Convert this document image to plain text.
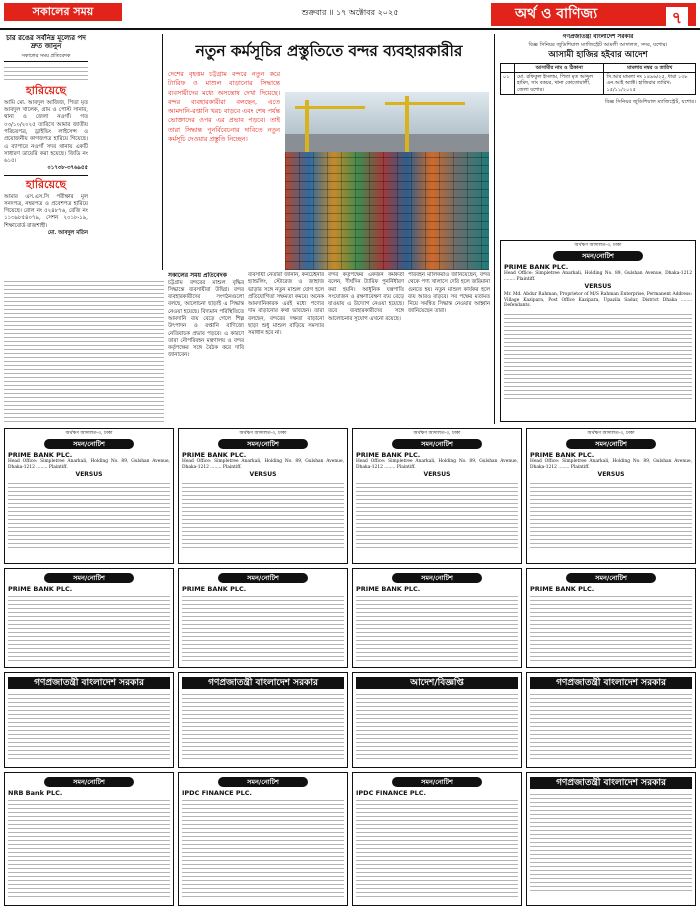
সকালের সময়	শুক্রবার ॥ ১৭ অক্টোবর ২০২৫	অর্থ ও বাণিজ্য	৭
চার রঙের সর্বনিম্ন মূল্যের পদ দ্রুত জানুন
সকালের সময় প্রতিবেদক
হারিয়েছে
আমি মো. আবদুল আজিজ, পিতা মৃত আবদুল খালেক, গ্রাম ও পোস্ট সানার, থানা ও জেলা নওগাঁ। গত ০৩/১০/২০২৫ তারিখে আমার জাতীয় পরিচয়পত্র, ড্রাইভিং লাইসেন্স ও প্রয়োজনীয় কাগজপত্র হারিয়ে গিয়েছে। এ ব্যাপারে নওগাঁ সদর থানায় একটি সাধারণ ডায়েরি করা হয়েছে। জিডি নং ৬১৫।
০১৭৩৮-৩৭৬৯৫৫
হারিয়েছে
আমার এস.এস.সি পরীক্ষার মূল সনদপত্র, নম্বরপত্র ও প্রবেশপত্র হারিয়ে গিয়েছে। রোল নং ৫২৪৮৭৬, রেজি নং ১১৩৯৮৫৪০৭৯, সেশন ২০১৮-১৯, শিক্ষাবোর্ড রাজশাহী।
মো. আবদুল মতিন
নতুন কর্মসূচির প্রস্তুতিতে বন্দর ব্যবহারকারীর
দেশের বৃহত্তম চট্টগ্রাম বন্দরে নতুন করে ট্যারিফ ও মাশুল বাড়ানোর সিদ্ধান্তে ব্যবসায়ীদের মধ্যে অসন্তোষ দেখা দিয়েছে। বন্দর ব্যবহারকারীরা বলছেন, এতে আমদানি-রপ্তানি খরচ বাড়বে এবং শেষ পর্যন্ত ভোক্তাদের ওপর এর প্রভাব পড়বে। তাই তারা সিদ্ধান্ত পুনর্বিবেচনার দাবিতে নতুন কর্মসূচি দেওয়ার প্রস্তুতি নিচ্ছেন।
সকালের সময় প্রতিবেদক
চট্টগ্রাম বন্দরের মাশুল বৃদ্ধির সিদ্ধান্তে ব্যবসায়ীরা উদ্বিগ্ন। বন্দর ব্যবহারকারীদের সংগঠনগুলো বলছে, আলোচনা ছাড়াই এ সিদ্ধান্ত নেওয়া হয়েছে। বিদ্যমান পরিস্থিতিতে আমদানি ব্যয় বেড়ে গেলে শিল্প উৎপাদন ও রপ্তানি বাণিজ্যে নেতিবাচক প্রভাব পড়বে। এ কারণে তারা নৌপরিবহন মন্ত্রণালয় ও বন্দর কর্তৃপক্ষের সঙ্গে বৈঠক করে দাবি জানাবেন।
ব্যবসায়ী নেতারা জানান, কনটেইনার হ্যান্ডলিং, স্টোরেজ ও জাহাজ ভাড়ার সঙ্গে নতুন মাশুল যোগ হলে প্রতিযোগিতা সক্ষমতা কমবে। অনেক আমদানিকারক এরই মধ্যে পণ্যের দাম বাড়ানোর কথা ভাবছেন। তারা বলছেন, বন্দরের দক্ষতা বাড়ানো ছাড়া শুধু মাশুল বাড়িয়ে সমস্যার সমাধান হবে না।
বন্দর কর্তৃপক্ষের একজন কর্মকর্তা বলেন, দীর্ঘদিন ট্যারিফ পুনর্নির্ধারণ করা হয়নি। আধুনিক যন্ত্রপাতি সংযোজন ও রক্ষণাবেক্ষণ ব্যয় বেড়ে যাওয়ায় এ উদ্যোগ নেওয়া হয়েছে। তবে ব্যবহারকারীদের সঙ্গে আলোচনার সুযোগ এখনো রয়েছে।
পরিবহন মালিকরাও জানিয়েছেন, বন্দর থেকে পণ্য খালাসে দেরি হলে জরিমানা গুনতে হয়। নতুন মাশুল কার্যকর হলে ব্যয় আরও বাড়বে। সব পক্ষের মতামত নিয়ে সমন্বিত সিদ্ধান্ত নেওয়ার আহ্বান জানিয়েছেন তারা।
গণপ্রজাতন্ত্রী বাংলাদেশ সরকার
বিজ্ঞ সিনিয়র জুডিশিয়াল ম্যাজিস্ট্রেট আমলী আদালত, সদর, যশোর।
আসামী হাজির হইবার আদেশ
	আসামীর নাম ও ঠিকানা	মামলার নম্বর ও তারিখ
০১	মো. রফিকুল ইসলাম, পিতা মৃত আব্দুল হামিদ, সাং বকচর, থানা কোতোয়ালী, জেলা যশোর।	সি.আর মামলা নং ১৪৯৬/২৫, ধারা ১৩৮ এন.আই অ্যাক্ট। হাজিরার তারিখ: ১৫/১১/২০২৫
বিজ্ঞ সিনিয়র জুডিশিয়াল ম্যাজিস্ট্রেট, যশোর।
অর্থঋণ আদালত-৩, ঢাকা
সমন/নোটিশ
PRIME BANK PLC.
Head Office: Simpletree Anarkali, Holding No. 89, Gulshan Avenue, Dhaka-1212 ........ Plaintiff.
VERSUS
Mr. Md. Abdur Rahman, Proprietor of M/S Rahman Enterprise, Permanent Address: Village Kazipara, Post Office Kazipara, Upazila Sadar, District Dhaka ........ Defendants.
অর্থঋণ আদালত-৩, ঢাকা
সমন/নোটিশ
PRIME BANK PLC.
Head Office: Simpletree Anarkali, Holding No. 89, Gulshan Avenue, Dhaka-1212 ........ Plaintiff.
VERSUS
অর্থঋণ আদালত-৩, ঢাকা
সমন/নোটিশ
PRIME BANK PLC.
Head Office: Simpletree Anarkali, Holding No. 89, Gulshan Avenue, Dhaka-1212 ........ Plaintiff.
VERSUS
অর্থঋণ আদালত-৩, ঢাকা
সমন/নোটিশ
PRIME BANK PLC.
Head Office: Simpletree Anarkali, Holding No. 89, Gulshan Avenue, Dhaka-1212 ........ Plaintiff.
VERSUS
অর্থঋণ আদালত-৩, ঢাকা
সমন/নোটিশ
PRIME BANK PLC.
Head Office: Simpletree Anarkali, Holding No. 89, Gulshan Avenue, Dhaka-1212 ........ Plaintiff.
VERSUS
সমন/নোটিশ
PRIME BANK PLC.
সমন/নোটিশ
PRIME BANK PLC.
সমন/নোটিশ
PRIME BANK PLC.
সমন/নোটিশ
PRIME BANK PLC.
গণপ্রজাতন্ত্রী বাংলাদেশ সরকার	গণপ্রজাতন্ত্রী বাংলাদেশ সরকার	আদেশ/বিজ্ঞপ্তি	গণপ্রজাতন্ত্রী বাংলাদেশ সরকার
সমন/নোটিশ
NRB Bank PLC.
সমন/নোটিশ
IPDC FINANCE PLC.
সমন/নোটিশ
IPDC FINANCE PLC.
গণপ্রজাতন্ত্রী বাংলাদেশ সরকার
